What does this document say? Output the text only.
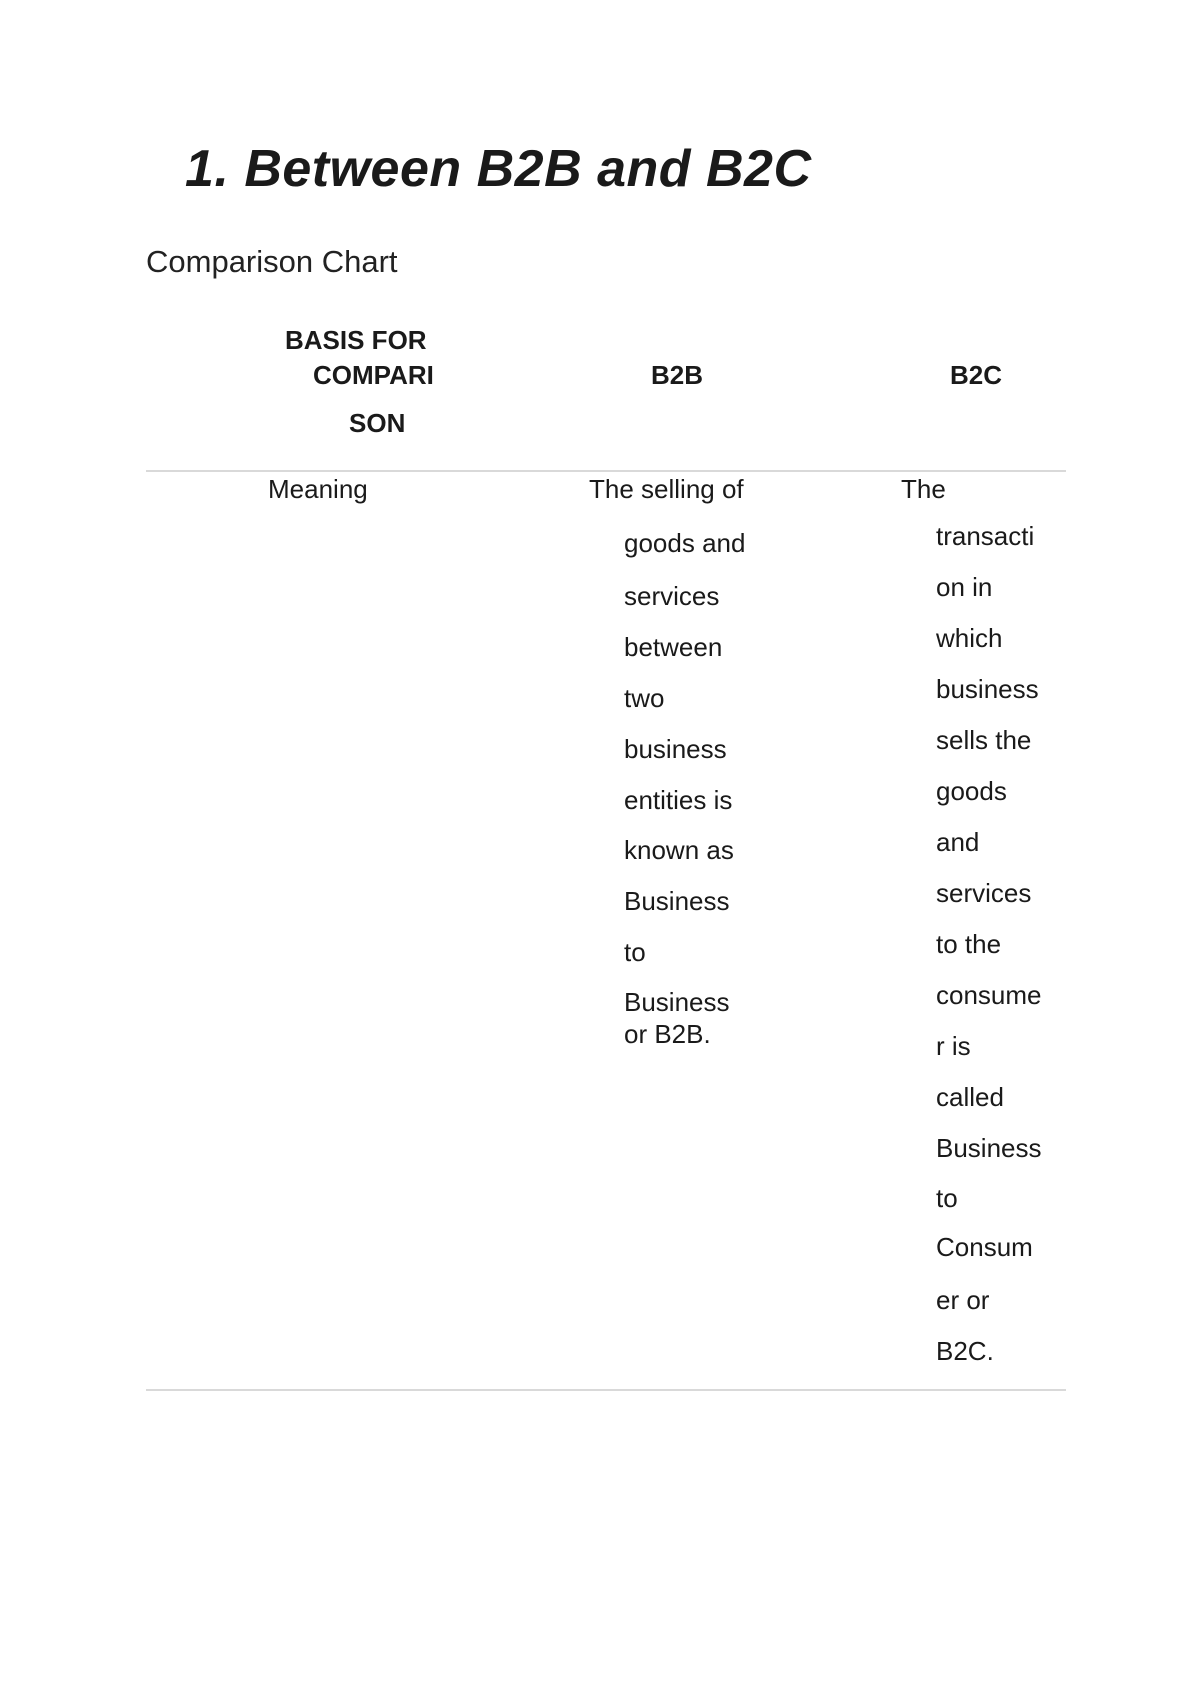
1. Between B2B and B2C
Comparison Chart
BASIS FOR
COMPARI
SON
B2B	B2C
Meaning	The selling of
goods and
services
between
two
business
entities is
known as
Business
to
Business
or B2B.
The
transacti
on in
which
business
sells the
goods
and
services
to the
consume
r is
called
Business
to
Consum
er or
B2C.
